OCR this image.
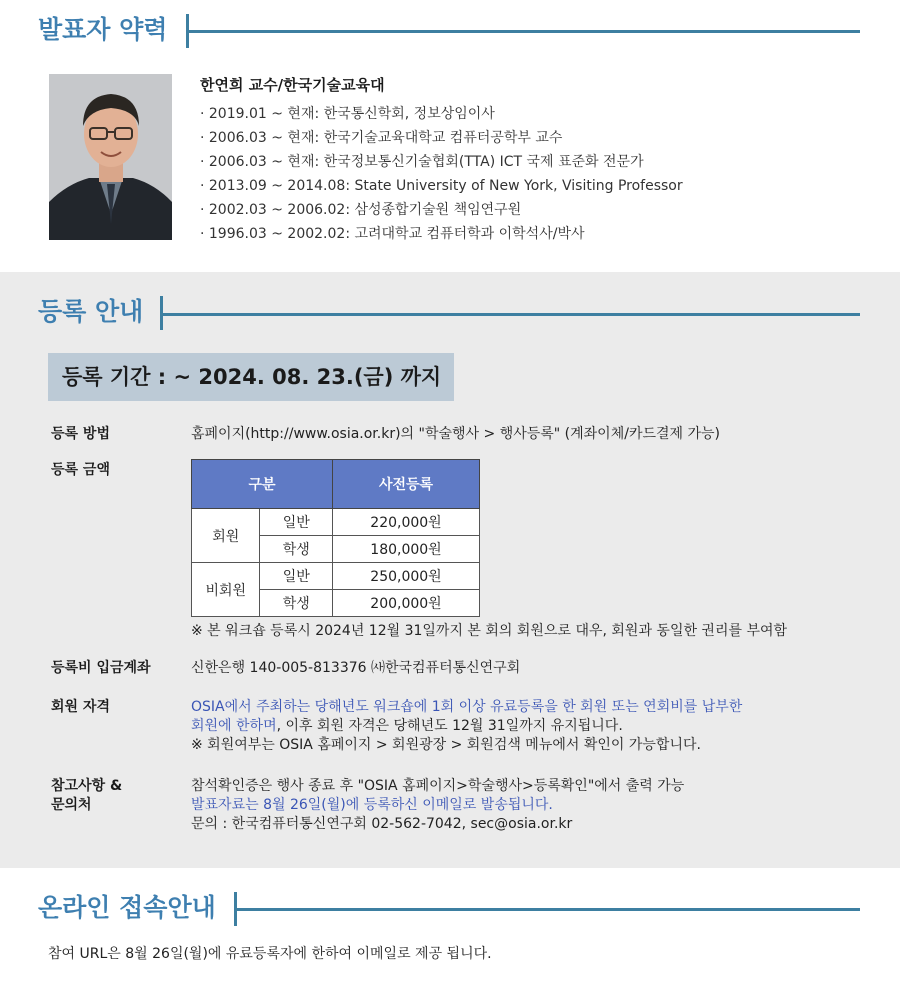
발표자 약력
한연희 교수/한국기술교육대
· 2019.01 ~ 현재: 한국통신학회, 정보상임이사
· 2006.03 ~ 현재: 한국기술교육대학교 컴퓨터공학부 교수
· 2006.03 ~ 현재: 한국정보통신기술협회(TTA) ICT 국제 표준화 전문가
· 2013.09 ~ 2014.08: State University of New York, Visiting Professor
· 2002.03 ~ 2006.02: 삼성종합기술원 책임연구원
· 1996.03 ~ 2002.02: 고려대학교 컴퓨터학과 이학석사/박사
등록 안내
등록 기간 : ~ 2024. 08. 23.(금) 까지
등록 방법	홈페이지(http://www.osia.or.kr)의 "학술행사 > 행사등록" (계좌이체/카드결제 가능)
등록 금액
구분		사전등록
회원	일반	220,000원
	학생	180,000원
비회원	일반	250,000원
	학생	200,000원
※ 본 워크숍 등록시 2024년 12월 31일까지 본 회의 회원으로 대우, 회원과 동일한 권리를 부여함
등록비 입금계좌	신한은행 140-005-813376 ㈔한국컴퓨터통신연구회
회원 자격	OSIA에서 주최하는 당해년도 워크숍에 1회 이상 유료등록을 한 회원 또는 연회비를 납부한
회원에 한하며, 이후 회원 자격은 당해년도 12월 31일까지 유지됩니다.
※ 회원여부는 OSIA 홈페이지 > 회원광장 > 회원검색 메뉴에서 확인이 가능합니다.
참고사항 &
문의처
참석확인증은 행사 종료 후 "OSIA 홈페이지>학술행사>등록확인"에서 출력 가능
발표자료는 8월 26일(월)에 등록하신 이메일로 발송됩니다.
문의 : 한국컴퓨터통신연구회 02-562-7042, sec@osia.or.kr
온라인 접속안내
참여 URL은 8월 26일(월)에 유료등록자에 한하여 이메일로 제공 됩니다.
